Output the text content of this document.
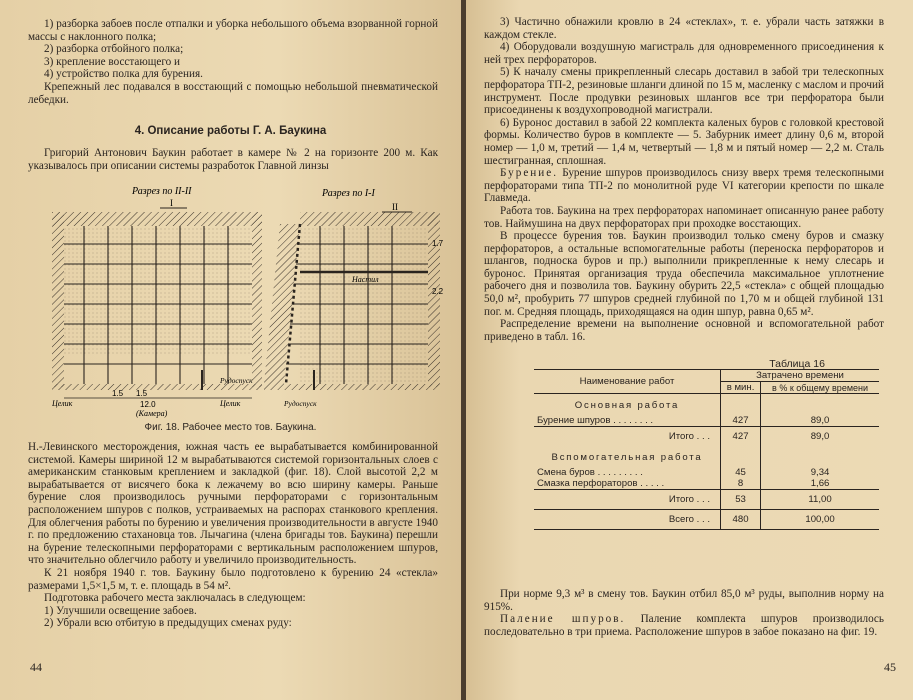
1) разборка забоев после отпалки и уборка небольшого объема взорванной горной массы с наклонного полка;

2) разборка отбойного полка;

3) крепление восстающего и

4) устройство полка для бурения.

Крепежный лес подавался в восстающий с помощью небольшой пневматической лебедки.

4. Описание работы Г. А. Баукина

Григорий Антонович Баукин работает в камере № 2 на горизонте 200 м. Как указывалось при описании системы разработок Главной линзы

Разрез по II-II	Разрез по I-I
I
1.5 1.5
12.0
(Камера)
Целик	Целик
Рудоспуск
Настил
II
1.7
2.2
Рудоспуск
Фиг. 18. Рабочее место тов. Баукина.

Н.-Левинского месторождения, южная часть ее вырабатывается комбинированной системой. Камеры шириной 12 м вырабатываются системой горизонтальных слоев с американским станковым креплением и закладкой (фиг. 18). Слой высотой 2,2 м вырабатывается от висячего бока к лежачему во всю ширину камеры. Раньше бурение слоя производилось ручными перфораторами с горизонтальным расположением шпуров с полков, устраиваемых на распорах станкового крепления. Для облегчения работы по бурению и увеличения производительности в августе 1940 г. по предложению стахановца тов. Лычагина (члена бригады тов. Баукина) перешли на бурение телескопными перфораторами с вертикальным расположением шпуров, что значительно облегчило работу и увеличило производительность.

К 21 ноября 1940 г. тов. Баукину было подготовлено к бурению 24 «стекла» размерами 1,5×1,5 м, т. е. площадь в 54 м².

Подготовка рабочего места заключалась в следующем:

1) Улучшили освещение забоев.

2) Убрали всю отбитую в предыдущих сменах руду:

44

3) Частично обнажили кровлю в 24 «стеклах», т. е. убрали часть затяжки в каждом стекле.

4) Оборудовали воздушную магистраль для одновременного присоединения к ней трех перфораторов.

5) К началу смены прикрепленный слесарь доставил в забой три телескопных перфоратора ТП-2, резиновые шланги длиной по 15 м, масленку с маслом и прочий инструмент. После продувки резиновых шлангов все три перфоратора были присоединены к воздухопроводной магистрали.

6) Буронос доставил в забой 22 комплекта каленых буров с головкой крестовой формы. Количество буров в комплекте — 5. Забурник имеет длину 0,6 м, второй номер — 1,0 м, третий — 1,4 м, четвертый — 1,8 м и пятый номер — 2,2 м. Сталь шестигранная, сплошная.

Бурение. Бурение шпуров производилось снизу вверх тремя телескопными перфораторами типа ТП-2 по монолитной руде VI категории крепости по шкале Главмеда.

Работа тов. Баукина на трех перфораторах напоминает описанную ранее работу тов. Наймушина на двух перфораторах при проходке восстающих.

В процессе бурения тов. Баукин производил только смену буров и смазку перфораторов, а остальные вспомогательные работы (переноска перфораторов и шлангов, подноска буров и пр.) выполнили прикрепленные к нему слесарь и буронос. Принятая организация труда обеспечила максимальное уплотнение рабочего дня и позволила тов. Баукину обурить 22,5 «стекла» с общей площадью 50,0 м², пробурить 77 шпуров средней глубиной по 1,70 м и общей глубиной 131 пог. м. Средняя площадь, приходящаяся на один шпур, равна 0,65 м².

Распределение времени на выполнение основной и вспомогательной работ приведено в табл. 16.

Таблица 16
Наименование работ	Затрачено времени	
	в мин.	в % к общему времени
Основная работа		
Бурение шпуров . . . . . . . .	427	89,0
Итого . . .	427	89,0
Вспомогательная работа		
Смена буров . . . . . . . . .	45	9,34
Смазка перфораторов . . . . .	8	1,66
Итого . . .	53	11,00
Всего . . .	480	100,00

При норме 9,3 м³ в смену тов. Баукин отбил 85,0 м³ руды, выполнив норму на 915%.

Палениe шпуров. Паление комплекта шпуров производилось последовательно в три приема. Расположение шпуров в забое показано на фиг. 19.

45
